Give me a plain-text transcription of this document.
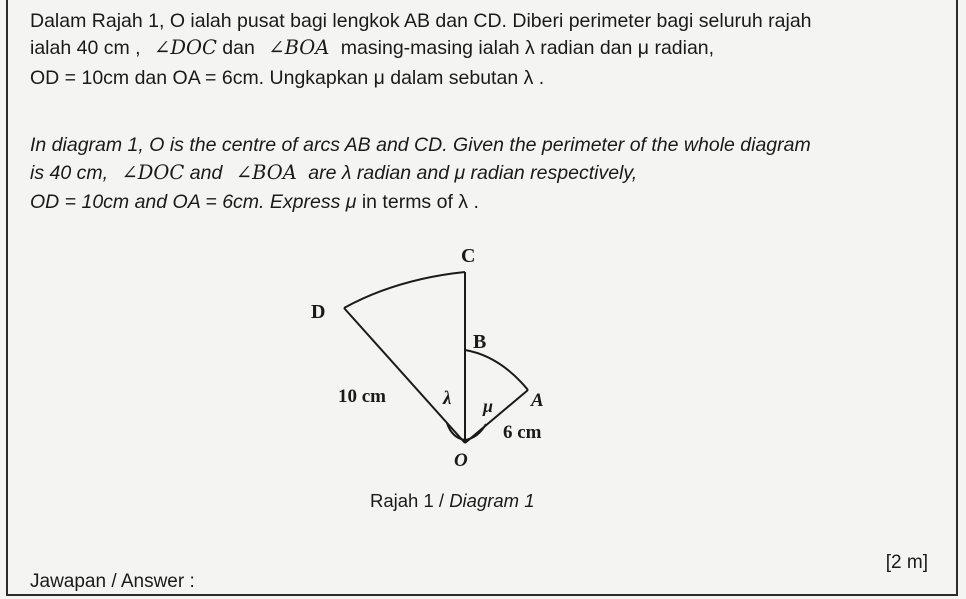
Dalam Rajah 1, O ialah pusat bagi lengkok AB dan CD. Diberi perimeter bagi seluruh rajah
ialah 40 cm , ∠DOC dan ∠BOA masing-masing ialah λ radian dan μ radian,
OD = 10cm dan OA = 6cm. Ungkapkan μ dalam sebutan λ .
In diagram 1, O is the centre of arcs AB and CD. Given the perimeter of the whole diagram
is 40 cm, ∠DOC and ∠BOA are λ radian and μ radian respectively,
OD = 10cm and OA = 6cm. Express μ in terms of λ .
C
D
B
A
O
10 cm
6 cm
λ μ
Rajah 1 / Diagram 1
[2 m]
Jawapan / Answer :
